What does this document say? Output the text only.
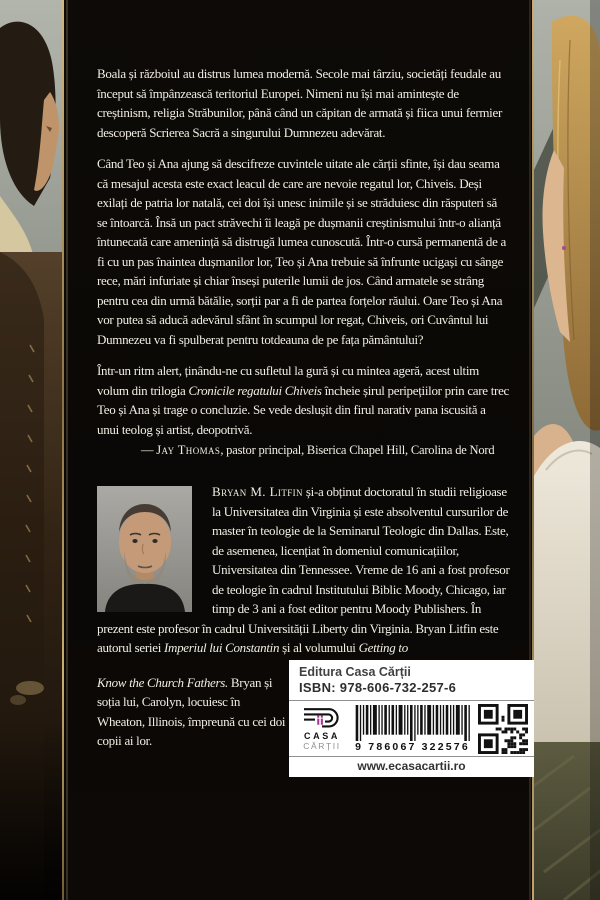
Boala și războiul au distrus lumea modernă. Secole mai târziu, societăți feudale au început să împânzească teritoriul Europei. Nimeni nu își mai amintește de creștinism, religia Străbunilor, până când un căpitan de armată și fiica unui fermier descoperă Scrierea Sacră a singurului Dumnezeu adevărat.

Când Teo și Ana ajung să descifreze cuvintele uitate ale cărții sfinte, își dau seama că mesajul acesta este exact leacul de care are nevoie regatul lor, Chiveis. Deși exilați de patria lor natală, cei doi își unesc inimile și se străduiesc din răsputeri să se întoarcă. Însă un pact străvechi îi leagă pe dușmanii creștinismului într-o alianță întunecată care amenință să distrugă lumea cunoscută. Într-o cursă permanentă de a fi cu un pas înaintea dușmanilor lor, Teo și Ana trebuie să înfrunte ucigași cu sânge rece, mări infuriate și chiar înseși puterile lumii de jos. Când armatele se strâng pentru cea din urmă bătălie, sorții par a fi de partea forțelor răului. Oare Teo și Ana vor putea să aducă adevărul sfânt în scumpul lor regat, Chiveis, ori Cuvântul lui Dumnezeu va fi spulberat pentru totdeauna de pe fața pământului?

Într-un ritm alert, ținându-ne cu sufletul la gură și cu mintea ageră, acest ultim volum din trilogia Cronicile regatului Chiveis încheie șirul peripețiilor prin care trec Teo și Ana și trage o concluzie. Se vede deslușit din firul narativ pana iscusită a unui teolog și artist, deopotrivă.

— Jay Thomas, pastor principal, Biserica Chapel Hill, Carolina de Nord

Bryan M. Litfin și-a obținut doctoratul în studii religioase la Universitatea din Virginia și este absolventul cursurilor de master în teologie de la Seminarul Teologic din Dallas. Este, de asemenea, licențiat în domeniul comunicațiilor, Universitatea din Tennessee. Vreme de 16 ani a fost profesor de teologie în cadrul Institutului Biblic Moody, Chicago, iar timp de 3 ani a fost editor pentru Moody Publishers. În prezent este profesor în cadrul Universității Liberty din Virginia. Bryan Litfin este autorul seriei Imperiul lui Constantin și al volumului Getting to

Know the Church Fathers. Bryan și soția lui, Carolyn, locuiesc în Wheaton, Illinois, împreună cu cei doi copii ai lor.

Editura Casa Cărții
ISBN: 978-606-732-257-6
CASA
CĂRȚII	9 786067 322576
www.ecasacartii.ro
